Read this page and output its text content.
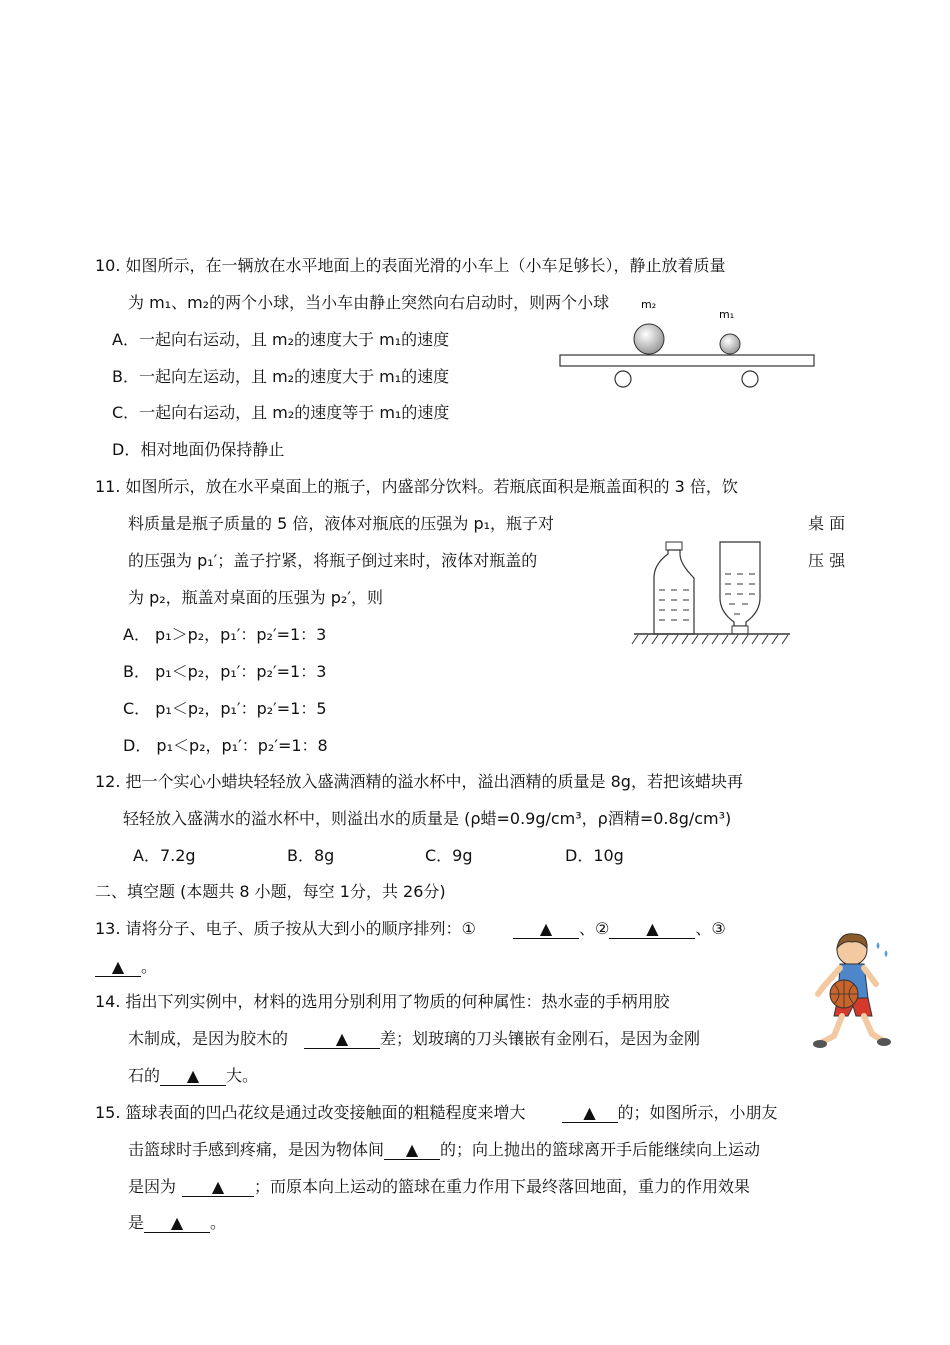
10. 如图所示，在一辆放在水平地面上的表面光滑的小车上（小车足够长），静止放着质量
为 m₁、m₂的两个小球，当小车由静止突然向右启动时，则两个小球
A．一起向右运动，且 m₂的速度大于 m₁的速度
B．一起向左运动，且 m₂的速度大于 m₁的速度
C．一起向右运动，且 m₂的速度等于 m₁的速度
D．相对地面仍保持静止
m₂
m₁
11. 如图所示，放在水平桌面上的瓶子，内盛部分饮料。若瓶底面积是瓶盖面积的 3 倍，饮
料质量是瓶子质量的 5 倍，液体对瓶底的压强为 p₁，瓶子对	桌 面
的压强为 p₁′；盖子拧紧，将瓶子倒过来时，液体对瓶盖的	压 强
为 p₂，瓶盖对桌面的压强为 p₂′，则
A． p₁＞p₂，p₁′：p₂′=1：3
B． p₁＜p₂，p₁′：p₂′=1：3
C． p₁＜p₂，p₁′：p₂′=1：5
D． p₁＜p₂，p₁′：p₂′=1：8
12. 把一个实心小蜡块轻轻放入盛满酒精的溢水杯中，溢出酒精的质量是 8g，若把该蜡块再
轻轻放入盛满水的溢水杯中，则溢出水的质量是 (ρ蜡=0.9g/cm³，ρ酒精=0.8g/cm³)
A．7.2g	B．8g	C．9g	D．10g
二、填空题 (本题共 8 小题，每空 1分，共 26分)
13. 请将分子、电子、质子按从大到小的顺序排列：①	▲ 、② ▲ 、③
▲ 。
14. 指出下列实例中，材料的选用分别利用了物质的何种属性：热水壶的手柄用胶
木制成，是因为胶木的	▲ 差；划玻璃的刀头镶嵌有金刚石，是因为金刚
石的 ▲ 大。
15. 篮球表面的凹凸花纹是通过改变接触面的粗糙程度来增大	▲ 的；如图所示，小朋友
击篮球时手感到疼痛，是因为物体间 ▲ 的；向上抛出的篮球离开手后能继续向上运动
是因为 ▲ ；而原本向上运动的篮球在重力作用下最终落回地面，重力的作用效果
是 ▲ 。
